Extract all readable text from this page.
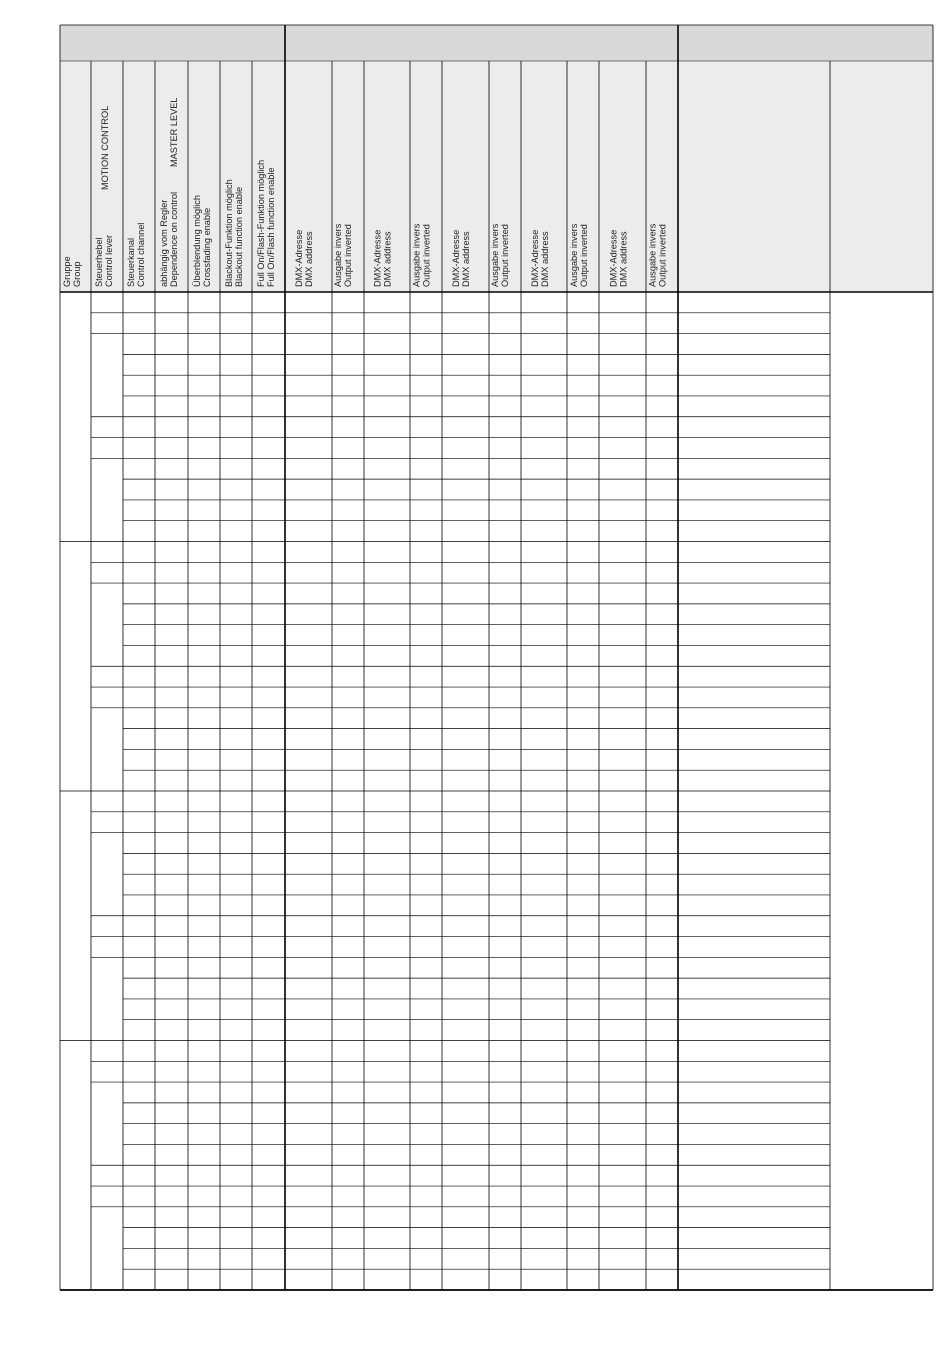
Gruppe Group Steuerhebel Control lever
MOTION CONTROL
Steuerkanal Control channel abhängig vom Regler Dependence on control
MASTER LEVEL
Überblendung möglich Crossfading enable Blackout-Funktion möglich Blackout function enable Full On/Flash-Funktion möglich Full On/Flash function enable DMX-Adresse DMX address Ausgabe invers Output inverted DMX-Adresse DMX address Ausgabe invers Output inverted DMX-Adresse DMX address Ausgabe invers Output inverted DMX-Adresse DMX address Ausgabe invers Output inverted DMX-Adresse DMX address Ausgabe invers Output inverted
